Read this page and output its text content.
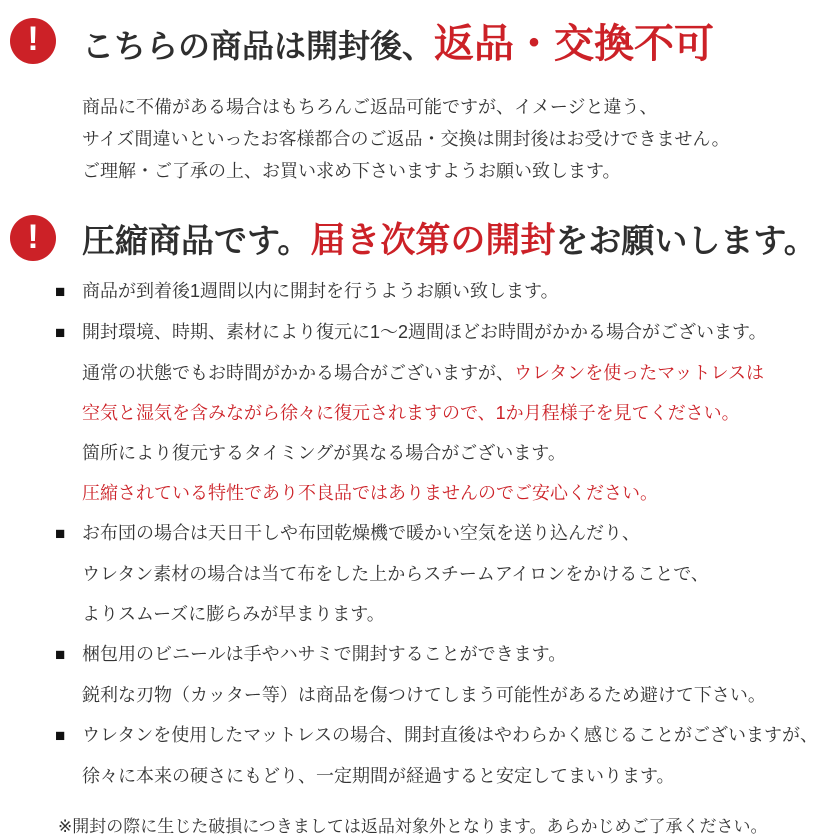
!	こちらの商品は開封後、返品・交換不可

商品に不備がある場合はもちろんご返品可能ですが、イメージと違う、

サイズ間違いといったお客様都合のご返品・交換は開封後はお受けできません。

ご理解・ご了承の上、お買い求め下さいますようお願い致します。

!	圧縮商品です。届き次第の開封をお願いします。
■ 商品が到着後1週間以内に開封を行うようお願い致します。
■ 開封環境、時期、素材により復元に1～2週間ほどお時間がかかる場合がございます。
通常の状態でもお時間がかかる場合がございますが、ウレタンを使ったマットレスは
空気と湿気を含みながら徐々に復元されますので、1か月程様子を見てください。
箇所により復元するタイミングが異なる場合がございます。
圧縮されている特性であり不良品ではありませんのでご安心ください。
■ お布団の場合は天日干しや布団乾燥機で暖かい空気を送り込んだり、
ウレタン素材の場合は当て布をした上からスチームアイロンをかけることで、
よりスムーズに膨らみが早まります。
■ 梱包用のビニールは手やハサミで開封することができます。
鋭利な刃物（カッター等）は商品を傷つけてしまう可能性があるため避けて下さい。
■ ウレタンを使用したマットレスの場合、開封直後はやわらかく感じることがございますが、
徐々に本来の硬さにもどり、一定期間が経過すると安定してまいります。
※開封の際に生じた破損につきましては返品対象外となります。あらかじめご了承ください。
